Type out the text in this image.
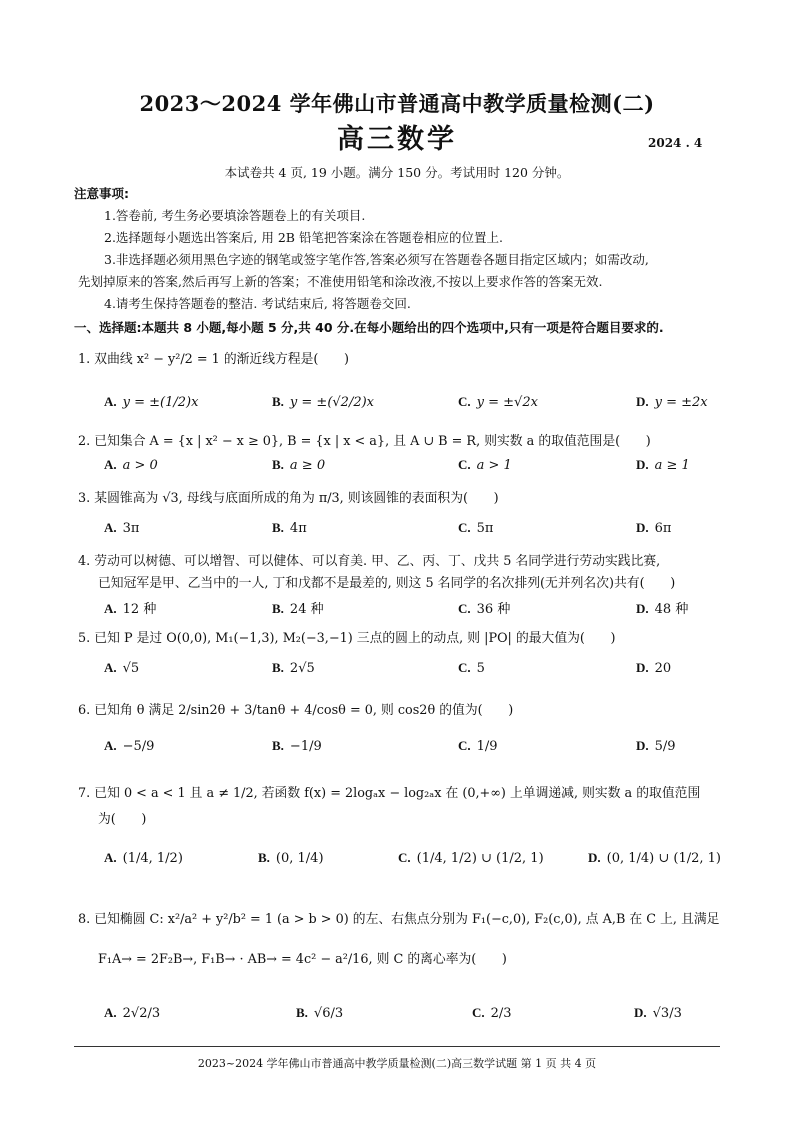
2023～2024 学年佛山市普通高中教学质量检测(二)
高三数学	2024 . 4
本试卷共 4 页, 19 小题。满分 150 分。考试用时 120 分钟。
注意事项:
1.答卷前, 考生务必要填涂答题卷上的有关项目.
2.选择题每小题选出答案后, 用 2B 铅笔把答案涂在答题卷相应的位置上.
3.非选择题必须用黑色字迹的钢笔或签字笔作答,答案必须写在答题卷各题目指定区域内；如需改动,
先划掉原来的答案,然后再写上新的答案；不准使用铅笔和涂改液,不按以上要求作答的答案无效.
4.请考生保持答题卷的整洁. 考试结束后, 将答题卷交回.
一、选择题:本题共 8 小题,每小题 5 分,共 40 分.在每小题给出的四个选项中,只有一项是符合题目要求的.
1. 双曲线 x² − y²/2 = 1 的渐近线方程是(　　)
A. y = ±(1/2)x	B. y = ±(√2/2)x	C. y = ±√2x	D. y = ±2x
2. 已知集合 A = {x | x² − x ≥ 0}, B = {x | x < a}, 且 A ∪ B = R, 则实数 a 的取值范围是(　　)
A. a > 0	B. a ≥ 0	C. a > 1	D. a ≥ 1
3. 某圆锥高为 √3, 母线与底面所成的角为 π/3, 则该圆锥的表面积为(　　)
A. 3π	B. 4π	C. 5π	D. 6π
4. 劳动可以树德、可以增智、可以健体、可以育美. 甲、乙、丙、丁、戊共 5 名同学进行劳动实践比赛,
已知冠军是甲、乙当中的一人, 丁和戊都不是最差的, 则这 5 名同学的名次排列(无并列名次)共有(　　)
A. 12 种	B. 24 种	C. 36 种	D. 48 种
5. 已知 P 是过 O(0,0), M₁(−1,3), M₂(−3,−1) 三点的圆上的动点, 则 |PO| 的最大值为(　　)
A. √5	B. 2√5	C. 5	D. 20
6. 已知角 θ 满足 2/sin2θ + 3/tanθ + 4/cosθ = 0, 则 cos2θ 的值为(　　)
A. −5/9	B. −1/9	C. 1/9	D. 5/9
7. 已知 0 < a < 1 且 a ≠ 1/2, 若函数 f(x) = 2logₐx − log₂ₐx 在 (0,+∞) 上单调递减, 则实数 a 的取值范围
为(　　)
A. (1/4, 1/2)	B. (0, 1/4)	C. (1/4, 1/2) ∪ (1/2, 1)	D. (0, 1/4) ∪ (1/2, 1)
8. 已知椭圆 C: x²/a² + y²/b² = 1 (a > b > 0) 的左、右焦点分别为 F₁(−c,0), F₂(c,0), 点 A,B 在 C 上, 且满足
F₁A→ = 2F₂B→, F₁B→ · AB→ = 4c² − a²/16, 则 C 的离心率为(　　)
A. 2√2/3	B. √6/3	C. 2/3	D. √3/3
2023~2024 学年佛山市普通高中教学质量检测(二)高三数学试题 第 1 页 共 4 页
